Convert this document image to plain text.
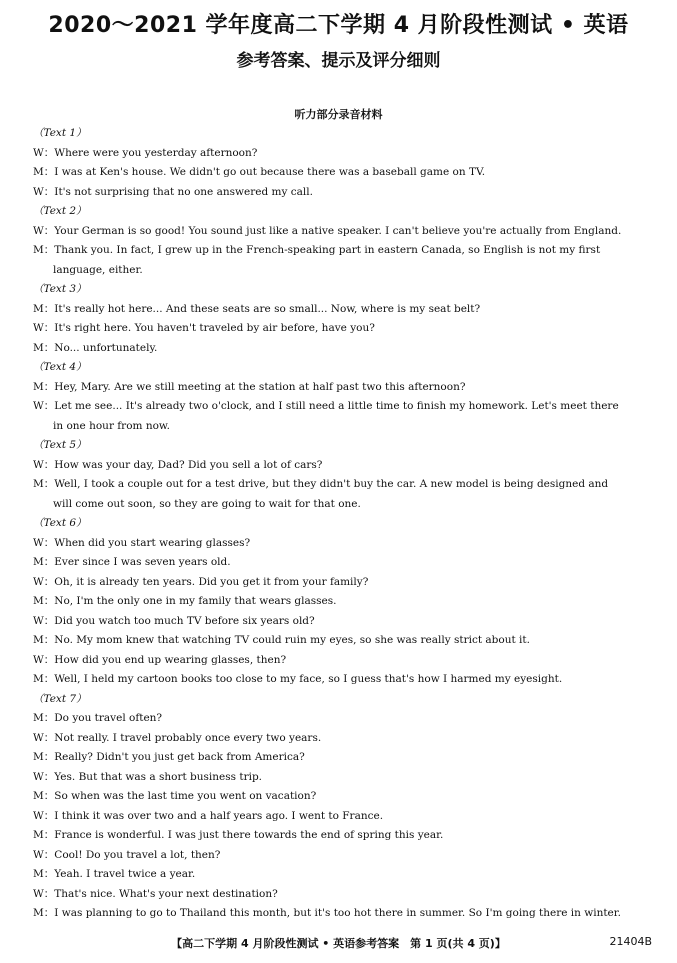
2020～2021 学年度高二下学期 4 月阶段性测试 • 英语
参考答案、提示及评分细则
听力部分录音材料
（Text 1）
W：Where were you yesterday afternoon?
M：I was at Ken's house. We didn't go out because there was a baseball game on TV.
W：It's not surprising that no one answered my call.
（Text 2）
W：Your German is so good! You sound just like a native speaker. I can't believe you're actually from England.
M：Thank you. In fact, I grew up in the French-speaking part in eastern Canada, so English is not my first
language, either.
（Text 3）
M：It's really hot here... And these seats are so small... Now, where is my seat belt?
W：It's right here. You haven't traveled by air before, have you?
M：No... unfortunately.
（Text 4）
M：Hey, Mary. Are we still meeting at the station at half past two this afternoon?
W：Let me see... It's already two o'clock, and I still need a little time to finish my homework. Let's meet there
in one hour from now.
（Text 5）
W：How was your day, Dad? Did you sell a lot of cars?
M：Well, I took a couple out for a test drive, but they didn't buy the car. A new model is being designed and
will come out soon, so they are going to wait for that one.
（Text 6）
W：When did you start wearing glasses?
M：Ever since I was seven years old.
W：Oh, it is already ten years. Did you get it from your family?
M：No, I'm the only one in my family that wears glasses.
W：Did you watch too much TV before six years old?
M：No. My mom knew that watching TV could ruin my eyes, so she was really strict about it.
W：How did you end up wearing glasses, then?
M：Well, I held my cartoon books too close to my face, so I guess that's how I harmed my eyesight.
（Text 7）
M：Do you travel often?
W：Not really. I travel probably once every two years.
M：Really? Didn't you just get back from America?
W：Yes. But that was a short business trip.
M：So when was the last time you went on vacation?
W：I think it was over two and a half years ago. I went to France.
M：France is wonderful. I was just there towards the end of spring this year.
W：Cool! Do you travel a lot, then?
M：Yeah. I travel twice a year.
W：That's nice. What's your next destination?
M：I was planning to go to Thailand this month, but it's too hot there in summer. So I'm going there in winter.
【高二下学期 4 月阶段性测试 • 英语参考答案　第 1 页(共 4 页)】	21404B
